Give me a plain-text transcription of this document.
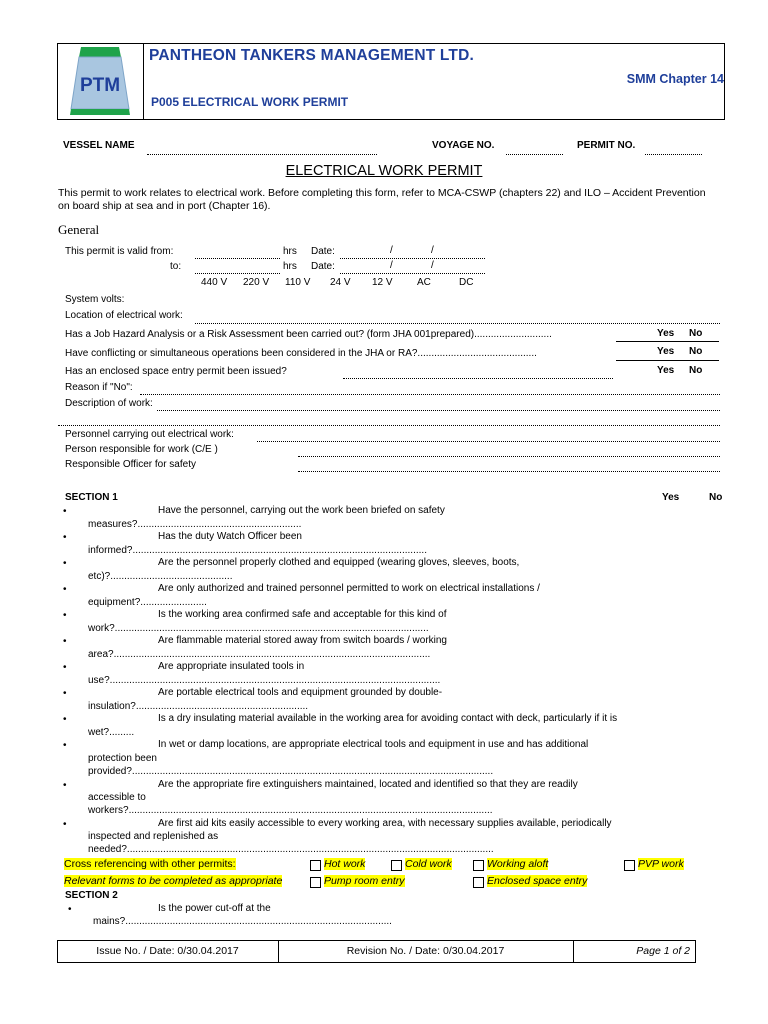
PTM
PANTHEON TANKERS MANAGEMENT LTD.
SMM Chapter 14
P005 ELECTRICAL WORK PERMIT
VESSEL NAME	VOYAGE NO.	PERMIT NO.
ELECTRICAL WORK PERMIT
This permit to work relates to electrical work. Before completing this form, refer to MCA-CSWP (chapters 22) and ILO – Accident Prevention on board ship at sea and in port (Chapter 16).
General
This permit is valid from:	hrs Date:	/	/
to:	hrs Date:	/	/
440 V 220 V 110 V 24 V 12 V AC	DC
System volts:
Location of electrical work:
Has a Job Hazard Analysis or a Risk Assessment been carried out? (form JHA 001prepared)............................	Yes No
Have conflicting or simultaneous operations been considered in the JHA or RA?...........................................	Yes No
Has an enclosed space entry permit been issued?	Yes No
Reason if "No":
Description of work:
Personnel carrying out electrical work:
Person responsible for work (C/E )
Responsible Officer for safety
SECTION 1	Yes	No
•	Have the personnel, carrying out the work been briefed on safety
measures?...........................................................
•	Has the duty Watch Officer been
informed?..........................................................................................................
•	Are the personnel properly clothed and equipped (wearing gloves, sleeves, boots,
etc)?............................................
•	Are only authorized and trained personnel permitted to work on electrical installations /
equipment?........................
•	Is the working area confirmed safe and acceptable for this kind of
work?.................................................................................................................
•	Are flammable material stored away from switch boards / working
area?..................................................................................................................
•	Are appropriate insulated tools in
use?.......................................................................................................................
•	Are portable electrical tools and equipment grounded by double-
insulation?..............................................................
•	Is a dry insulating material available in the working area for avoiding contact with deck, particularly if it is
wet?.........
•	In wet or damp locations, are appropriate electrical tools and equipment in use and has additional
protection been
provided?..................................................................................................................................
•	Are the appropriate fire extinguishers maintained, located and identified so that they are readily
accessible to
workers?...................................................................................................................................
•	Are first aid kits easily accessible to every working area, with necessary supplies available, periodically
inspected and replenished as
needed?....................................................................................................................................
Cross referencing with other permits:	Hot work	Cold work	Working aloft	PVP work
Relevant forms to be completed as appropriate	Pump room entry	Enclosed space entry
SECTION 2
•	Is the power cut-off at the
mains?................................................................................................
Issue No. / Date: 0/30.04.2017	Revision No. / Date: 0/30.04.2017	Page 1 of 2
